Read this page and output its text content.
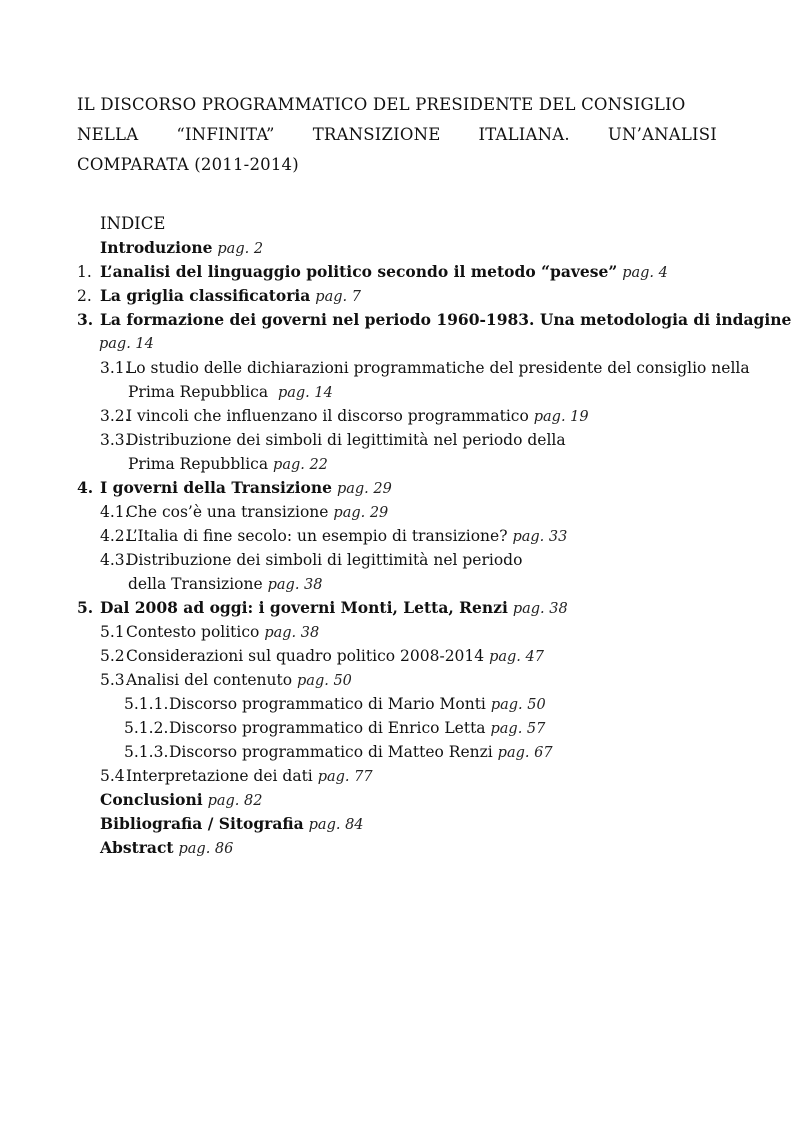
IL DISCORSO PROGRAMMATICO DEL PRESIDENTE DEL CONSIGLIO
NELLA “INFINITA” TRANSIZIONE ITALIANA. UN’ANALISI
COMPARATA (2011-2014)
INDICE
Introduzione pag. 2
1. L’analisi del linguaggio politico secondo il metodo “pavese” pag. 4
2. La griglia classificatoria pag. 7
3. La formazione dei governi nel periodo 1960-1983. Una metodologia di indagine
pag. 14
3.1.
Lo studio delle dichiarazioni programmatiche del presidente del consiglio nella
Prima Repubblica pag. 14
3.2.
I vincoli che influenzano il discorso programmatico pag. 19
3.3.
Distribuzione dei simboli di legittimità nel periodo della
Prima Repubblica pag. 22
4. I governi della Transizione pag. 29
4.1.
Che cos’è una transizione pag. 29
4.2.
L’Italia di fine secolo: un esempio di transizione? pag. 33
4.3.
Distribuzione dei simboli di legittimità nel periodo
della Transizione pag. 38
5. Dal 2008 ad oggi: i governi Monti, Letta, Renzi pag. 38
5.1 Contesto politico pag. 38
5.2 Considerazioni sul quadro politico 2008-2014 pag. 47
5.3 Analisi del contenuto pag. 50
5.1.1. Discorso programmatico di Mario Monti pag. 50
5.1.2. Discorso programmatico di Enrico Letta pag. 57
5.1.3. Discorso programmatico di Matteo Renzi pag. 67
5.4 Interpretazione dei dati pag. 77
Conclusioni pag. 82
Bibliografia / Sitografia pag. 84
Abstract pag. 86
